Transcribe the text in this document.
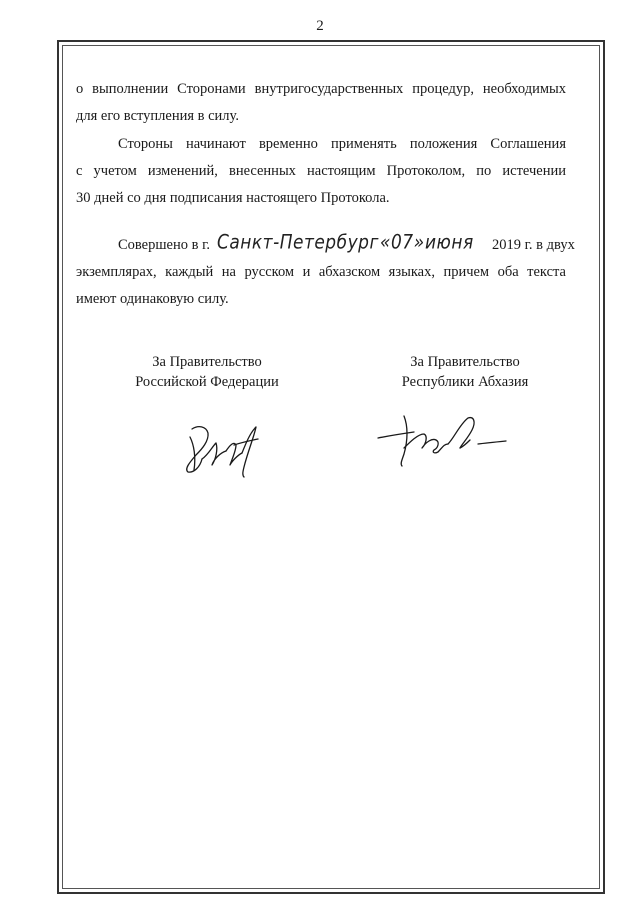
2
о выполнении Сторонами внутригосударственных процедур, необходимых
для его вступления в силу.
Стороны начинают временно применять положения Соглашения
с учетом изменений, внесенных настоящим Протоколом, по истечении
30 дней со дня подписания настоящего Протокола.
Совершено в г. Санкт-Петербург «07» июня 2019 г. в двух
экземплярах, каждый на русском и абхазском языках, причем оба текста
имеют одинаковую силу.
За Правительство
Российской Федерации
За Правительство
Республики Абхазия
